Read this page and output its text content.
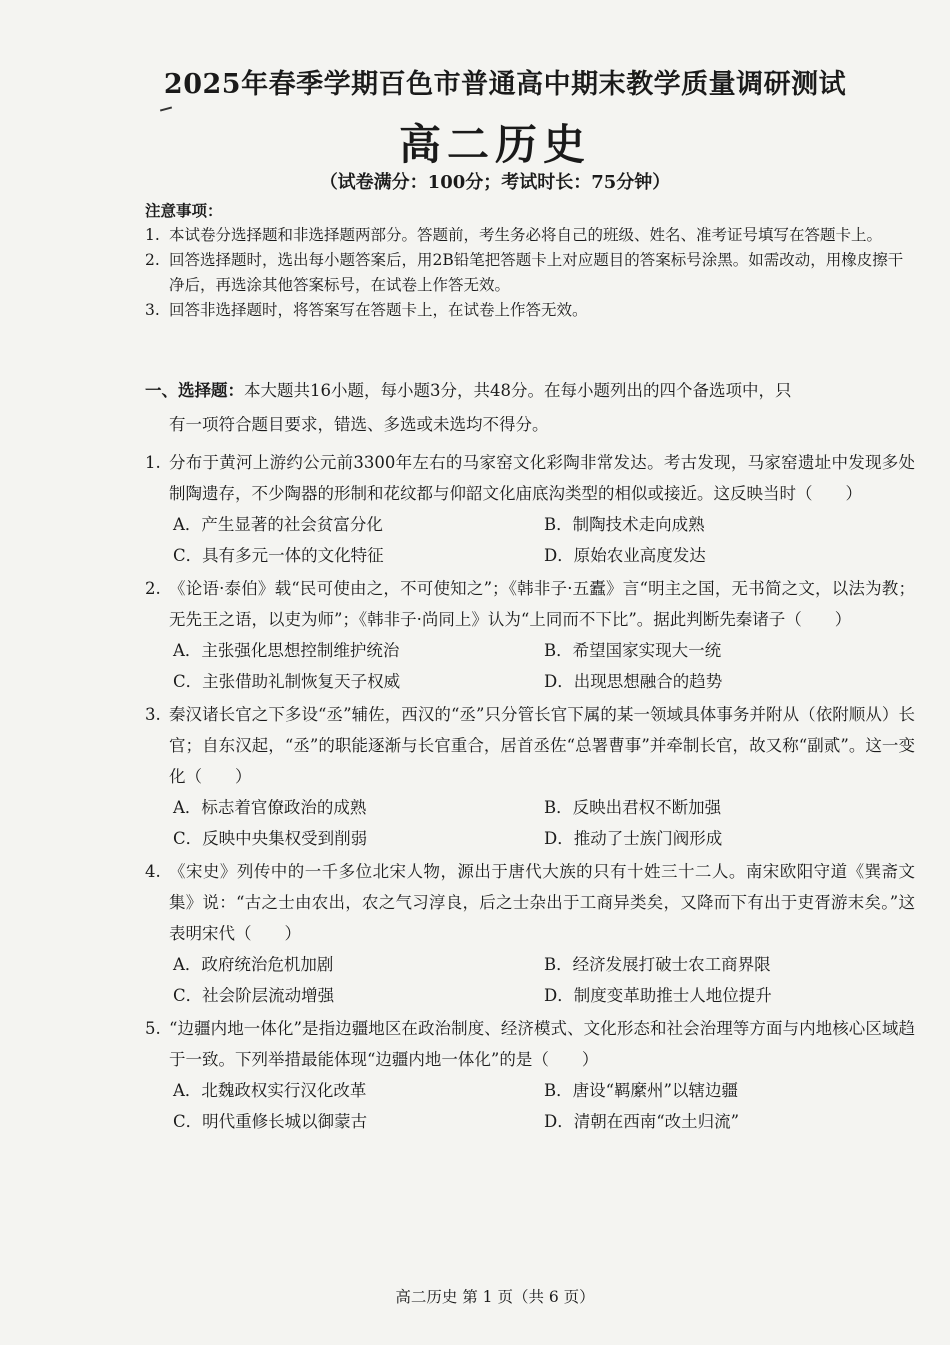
2025年春季学期百色市普通高中期末教学质量调研测试
高二历史
（试卷满分：100分；考试时长：75分钟）
注意事项：
1. 本试卷分选择题和非选择题两部分。答题前，考生务必将自己的班级、姓名、准考证号填写在答题卡上。
2. 回答选择题时，选出每小题答案后，用2B铅笔把答题卡上对应题目的答案标号涂黑。如需改动，用橡皮擦干净后，再选涂其他答案标号，在试卷上作答无效。
3. 回答非选择题时，将答案写在答题卡上，在试卷上作答无效。
一、选择题：本大题共16小题，每小题3分，共48分。在每小题列出的四个备选项中，只
有一项符合题目要求，错选、多选或未选均不得分。
1. 分布于黄河上游约公元前3300年左右的马家窑文化彩陶非常发达。考古发现，马家窑遗址中发现多处制陶遗存，不少陶器的形制和花纹都与仰韶文化庙底沟类型的相似或接近。这反映当时（　　）
A．产生显著的社会贫富分化	B．制陶技术走向成熟
C．具有多元一体的文化特征	D．原始农业高度发达
2. 《论语·泰伯》载“民可使由之，不可使知之”；《韩非子·五蠹》言“明主之国，无书简之文，以法为教；无先王之语，以吏为师”；《韩非子·尚同上》认为“上同而不下比”。据此判断先秦诸子（　　）
A．主张强化思想控制维护统治	B．希望国家实现大一统
C．主张借助礼制恢复天子权威	D．出现思想融合的趋势
3. 秦汉诸长官之下多设“丞”辅佐，西汉的“丞”只分管长官下属的某一领域具体事务并附从（依附顺从）长官；自东汉起，“丞”的职能逐渐与长官重合，居首丞佐“总署曹事”并牵制长官，故又称“副贰”。这一变化（　　）
A．标志着官僚政治的成熟	B．反映出君权不断加强
C．反映中央集权受到削弱	D．推动了士族门阀形成
4. 《宋史》列传中的一千多位北宋人物，源出于唐代大族的只有十姓三十二人。南宋欧阳守道《巽斋文集》说：“古之士由农出，农之气习淳良，后之士杂出于工商异类矣，又降而下有出于吏胥游末矣。”这表明宋代（　　）
A．政府统治危机加剧	B．经济发展打破士农工商界限
C．社会阶层流动增强	D．制度变革助推士人地位提升
5. “边疆内地一体化”是指边疆地区在政治制度、经济模式、文化形态和社会治理等方面与内地核心区域趋于一致。下列举措最能体现“边疆内地一体化”的是（　　）
A．北魏政权实行汉化改革	B．唐设“羁縻州”以辖边疆
C．明代重修长城以御蒙古	D．清朝在西南“改土归流”
高二历史 第 1 页（共 6 页）
